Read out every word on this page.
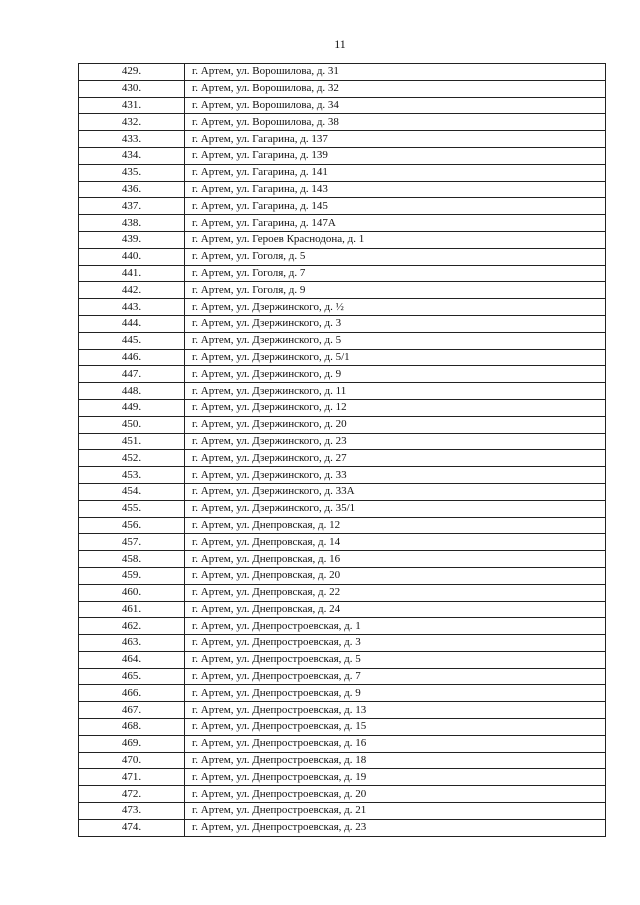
11
429.	г. Артем, ул. Ворошилова, д. 31
430.	г. Артем, ул. Ворошилова, д. 32
431.	г. Артем, ул. Ворошилова, д. 34
432.	г. Артем, ул. Ворошилова, д. 38
433.	г. Артем, ул. Гагарина, д. 137
434.	г. Артем, ул. Гагарина, д. 139
435.	г. Артем, ул. Гагарина, д. 141
436.	г. Артем, ул. Гагарина, д. 143
437.	г. Артем, ул. Гагарина, д. 145
438.	г. Артем, ул. Гагарина, д. 147А
439.	г. Артем, ул. Героев Краснодона, д. 1
440.	г. Артем, ул. Гоголя, д. 5
441.	г. Артем, ул. Гоголя, д. 7
442.	г. Артем, ул. Гоголя, д. 9
443.	г. Артем, ул. Дзержинского, д. ½
444.	г. Артем, ул. Дзержинского, д. 3
445.	г. Артем, ул. Дзержинского, д. 5
446.	г. Артем, ул. Дзержинского, д. 5/1
447.	г. Артем, ул. Дзержинского, д. 9
448.	г. Артем, ул. Дзержинского, д. 11
449.	г. Артем, ул. Дзержинского, д. 12
450.	г. Артем, ул. Дзержинского, д. 20
451.	г. Артем, ул. Дзержинского, д. 23
452.	г. Артем, ул. Дзержинского, д. 27
453.	г. Артем, ул. Дзержинского, д. 33
454.	г. Артем, ул. Дзержинского, д. 33А
455.	г. Артем, ул. Дзержинского, д. 35/1
456.	г. Артем, ул. Днепровская, д. 12
457.	г. Артем, ул. Днепровская, д. 14
458.	г. Артем, ул. Днепровская, д. 16
459.	г. Артем, ул. Днепровская, д. 20
460.	г. Артем, ул. Днепровская, д. 22
461.	г. Артем, ул. Днепровская, д. 24
462.	г. Артем, ул. Днепростроевская, д. 1
463.	г. Артем, ул. Днепростроевская, д. 3
464.	г. Артем, ул. Днепростроевская, д. 5
465.	г. Артем, ул. Днепростроевская, д. 7
466.	г. Артем, ул. Днепростроевская, д. 9
467.	г. Артем, ул. Днепростроевская, д. 13
468.	г. Артем, ул. Днепростроевская, д. 15
469.	г. Артем, ул. Днепростроевская, д. 16
470.	г. Артем, ул. Днепростроевская, д. 18
471.	г. Артем, ул. Днепростроевская, д. 19
472.	г. Артем, ул. Днепростроевская, д. 20
473.	г. Артем, ул. Днепростроевская, д. 21
474.	г. Артем, ул. Днепростроевская, д. 23
